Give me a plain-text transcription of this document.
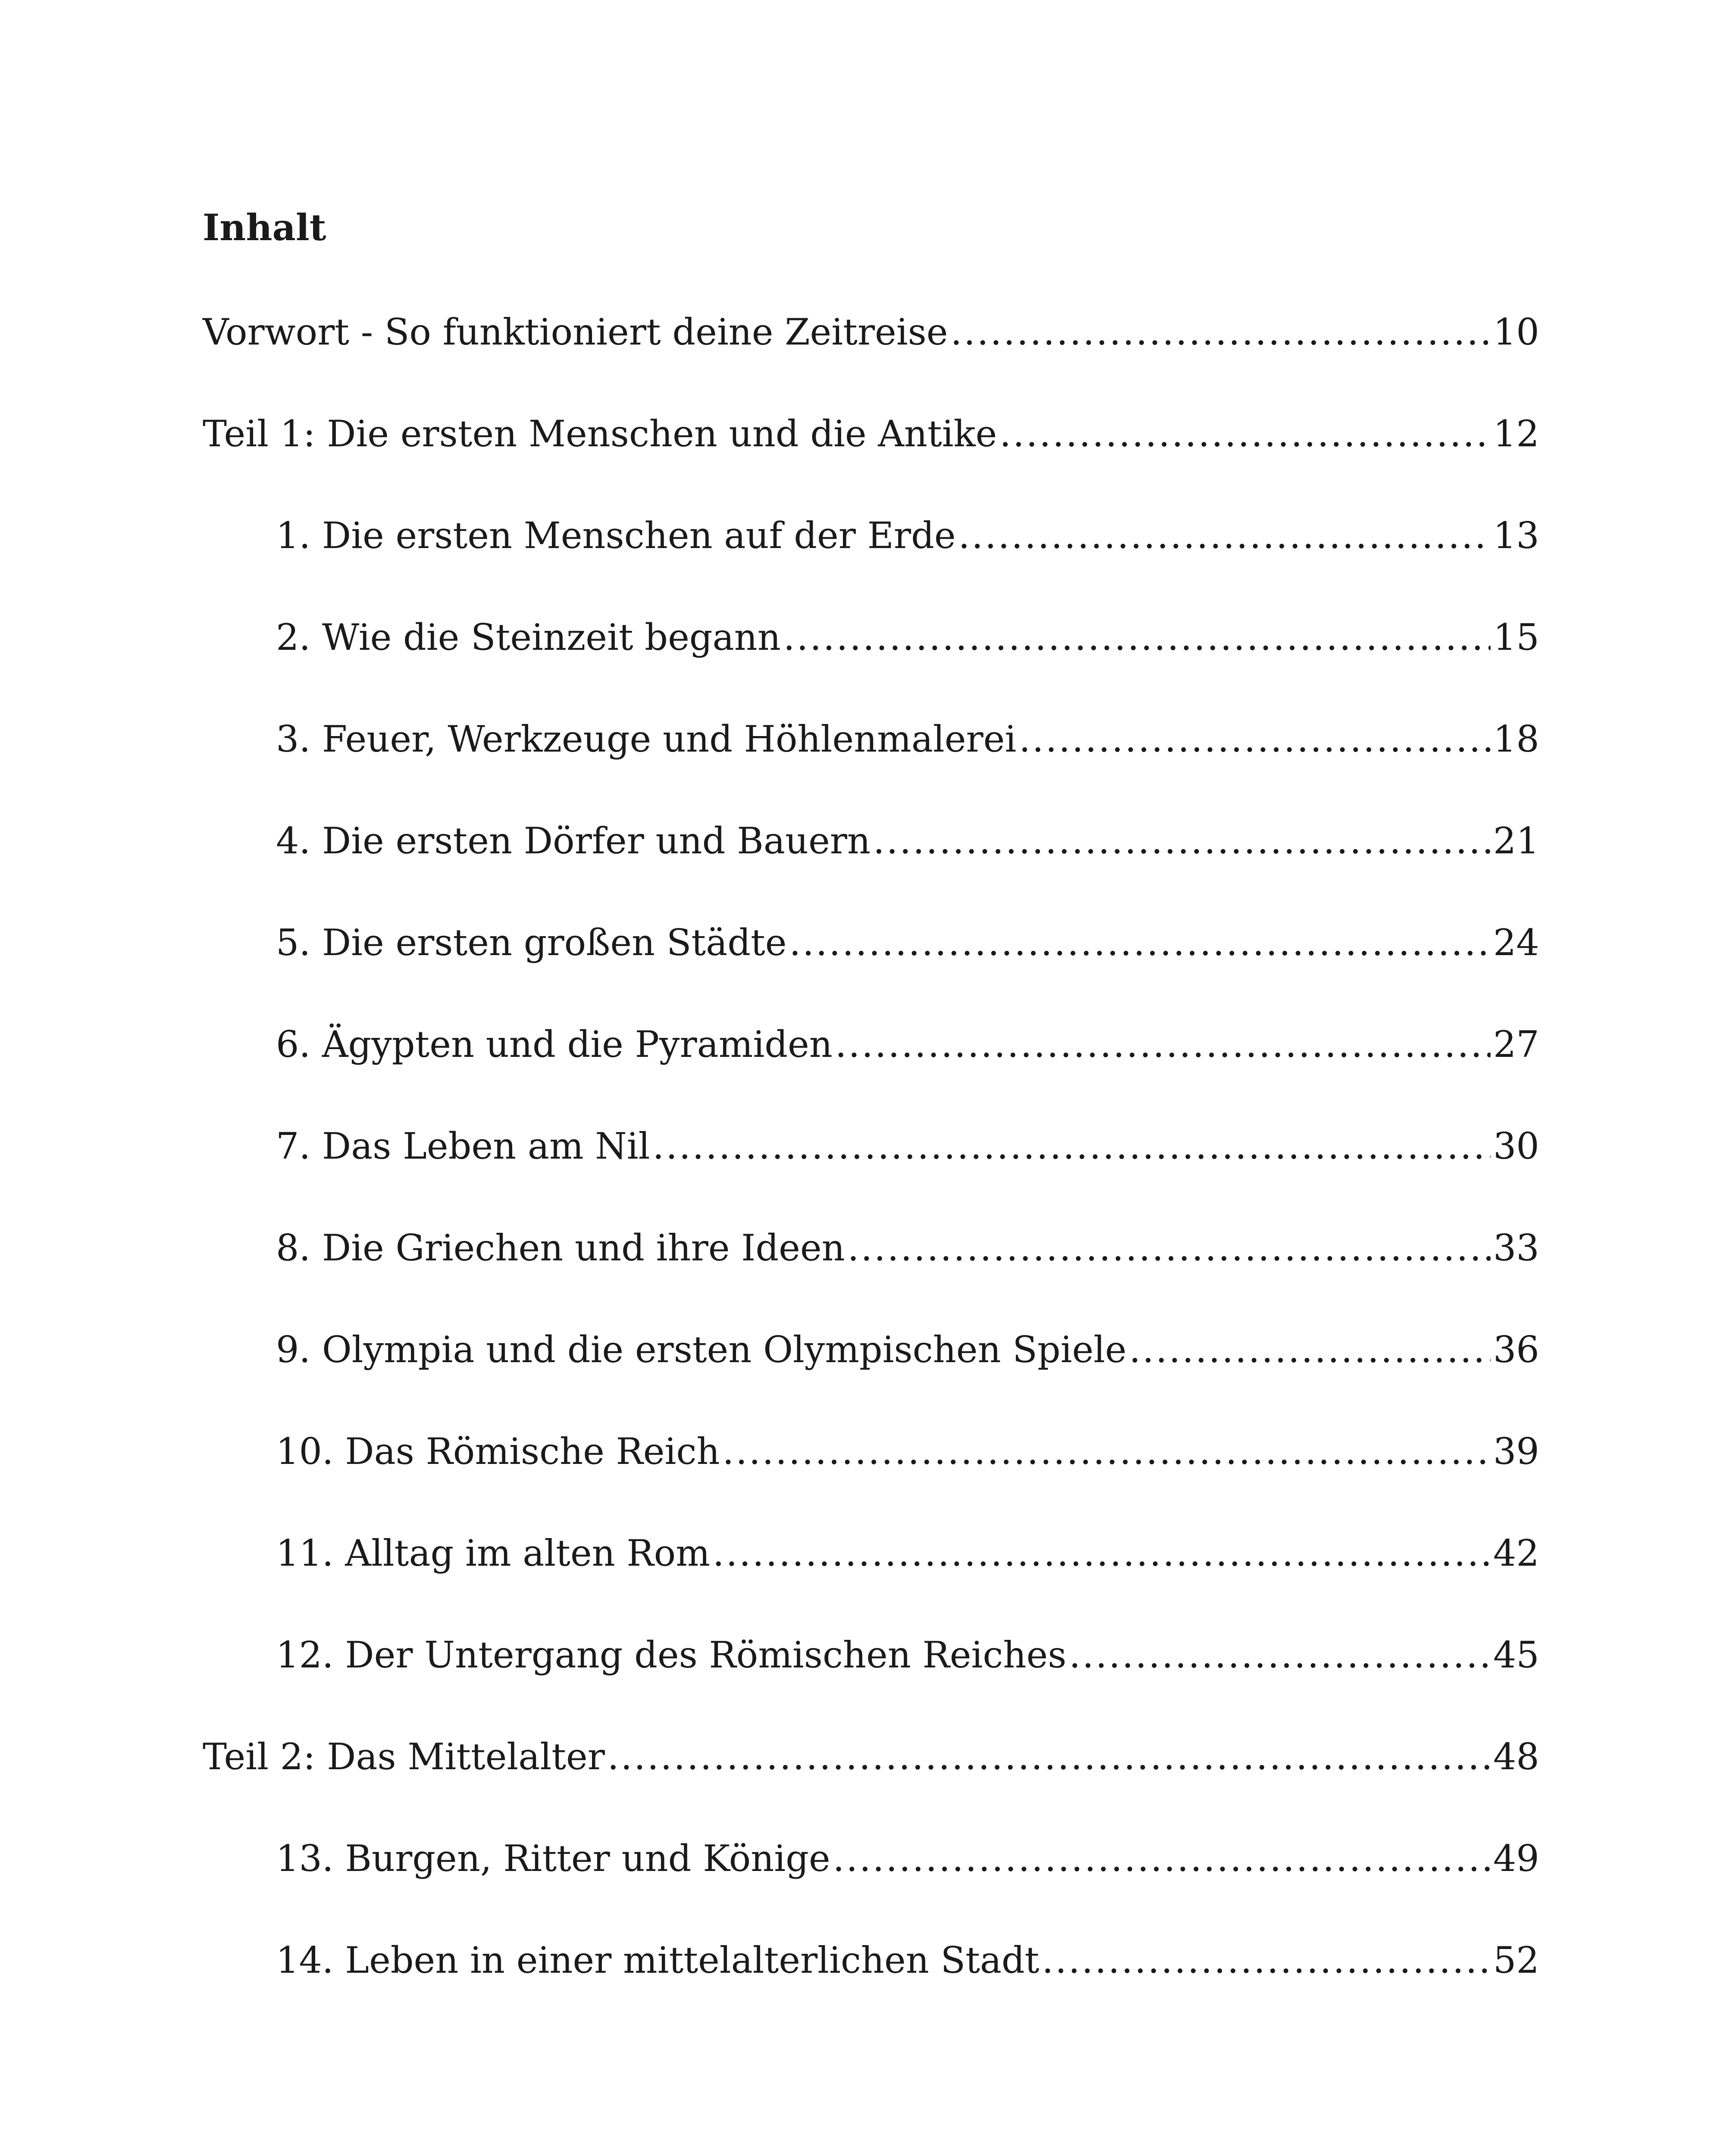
Inhalt
Vorwort - So funktioniert deine Zeitreise .....	10
Teil 1: Die ersten Menschen und die Antike .....	12
1. Die ersten Menschen auf der Erde .....	13
2. Wie die Steinzeit begann .....	15
3. Feuer, Werkzeuge und Höhlenmalerei .....	18
4. Die ersten Dörfer und Bauern .....	21
5. Die ersten großen Städte .....	24
6. Ägypten und die Pyramiden .....	27
7. Das Leben am Nil .....	30
8. Die Griechen und ihre Ideen .....	33
9. Olympia und die ersten Olympischen Spiele .....	36
10. Das Römische Reich .....	39
11. Alltag im alten Rom .....	42
12. Der Untergang des Römischen Reiches .....	45
Teil 2: Das Mittelalter .....	48
13. Burgen, Ritter und Könige .....	49
14. Leben in einer mittelalterlichen Stadt .....	52
